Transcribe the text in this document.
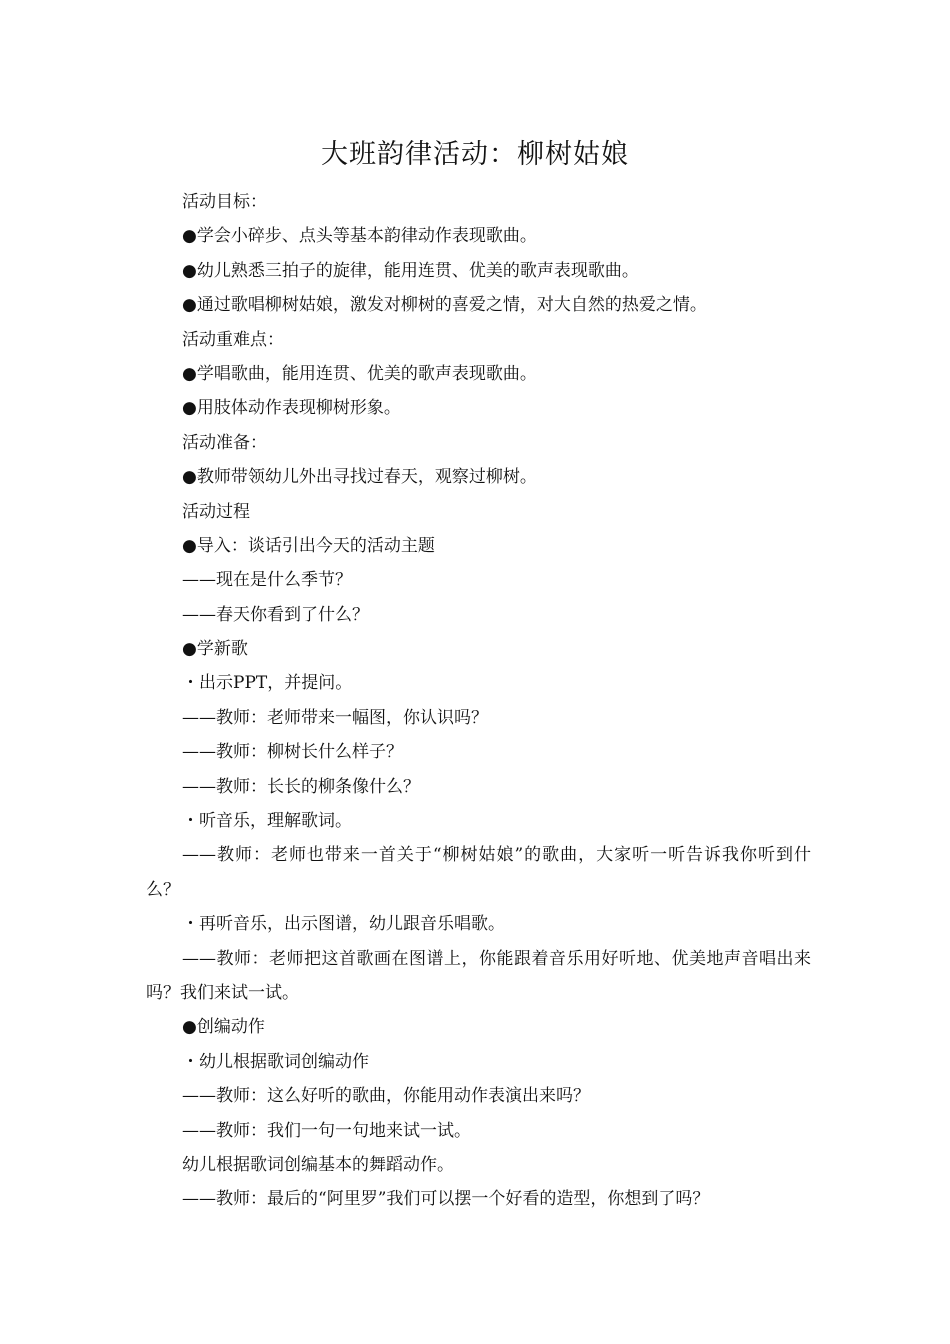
大班韵律活动：柳树姑娘

活动目标：

●学会小碎步、点头等基本韵律动作表现歌曲。

●幼儿熟悉三拍子的旋律，能用连贯、优美的歌声表现歌曲。

●通过歌唱柳树姑娘，激发对柳树的喜爱之情，对大自然的热爱之情。

活动重难点：

●学唱歌曲，能用连贯、优美的歌声表现歌曲。

●用肢体动作表现柳树形象。

活动准备：

●教师带领幼儿外出寻找过春天，观察过柳树。

活动过程

●导入：谈话引出今天的活动主题

——现在是什么季节？

——春天你看到了什么？

●学新歌

・出示PPT，并提问。

——教师：老师带来一幅图，你认识吗？

——教师：柳树长什么样子？

——教师：长长的柳条像什么？

・听音乐，理解歌词。

——教师：老师也带来一首关于“柳树姑娘”的歌曲，大家听一听告诉我你听到什么？

・再听音乐，出示图谱，幼儿跟音乐唱歌。

——教师：老师把这首歌画在图谱上，你能跟着音乐用好听地、优美地声音唱出来吗？我们来试一试。

●创编动作

・幼儿根据歌词创编动作

——教师：这么好听的歌曲，你能用动作表演出来吗？

——教师：我们一句一句地来试一试。

幼儿根据歌词创编基本的舞蹈动作。

——教师：最后的“阿里罗”我们可以摆一个好看的造型，你想到了吗？
